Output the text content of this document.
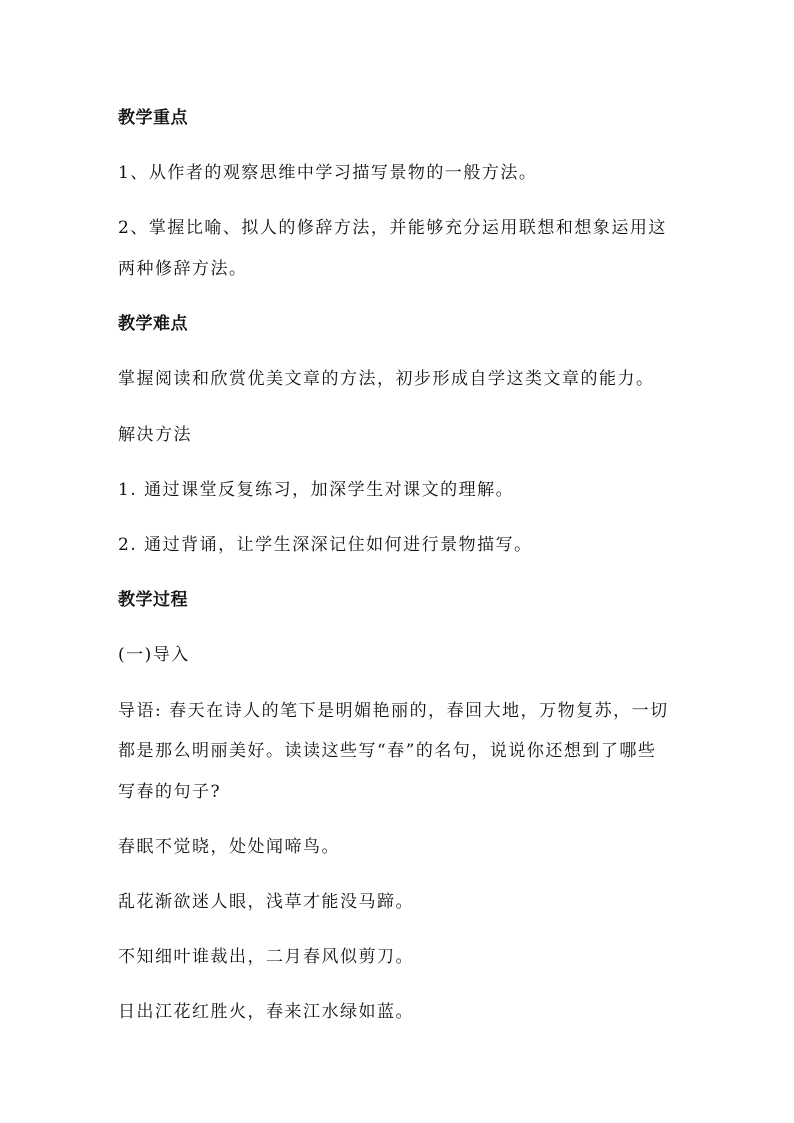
教学重点
1、从作者的观察思维中学习描写景物的一般方法。
2、掌握比喻、拟人的修辞方法，并能够充分运用联想和想象运用这
两种修辞方法。
教学难点
掌握阅读和欣赏优美文章的方法，初步形成自学这类文章的能力。
解决方法
1. 通过课堂反复练习，加深学生对课文的理解。
2. 通过背诵，让学生深深记住如何进行景物描写。
教学过程
(一)导入
导语: 春天在诗人的笔下是明媚艳丽的，春回大地，万物复苏，一切
都是那么明丽美好。读读这些写“春”的名句，说说你还想到了哪些
写春的句子?
春眠不觉晓，处处闻啼鸟。
乱花渐欲迷人眼，浅草才能没马蹄。
不知细叶谁裁出，二月春风似剪刀。
日出江花红胜火，春来江水绿如蓝。
